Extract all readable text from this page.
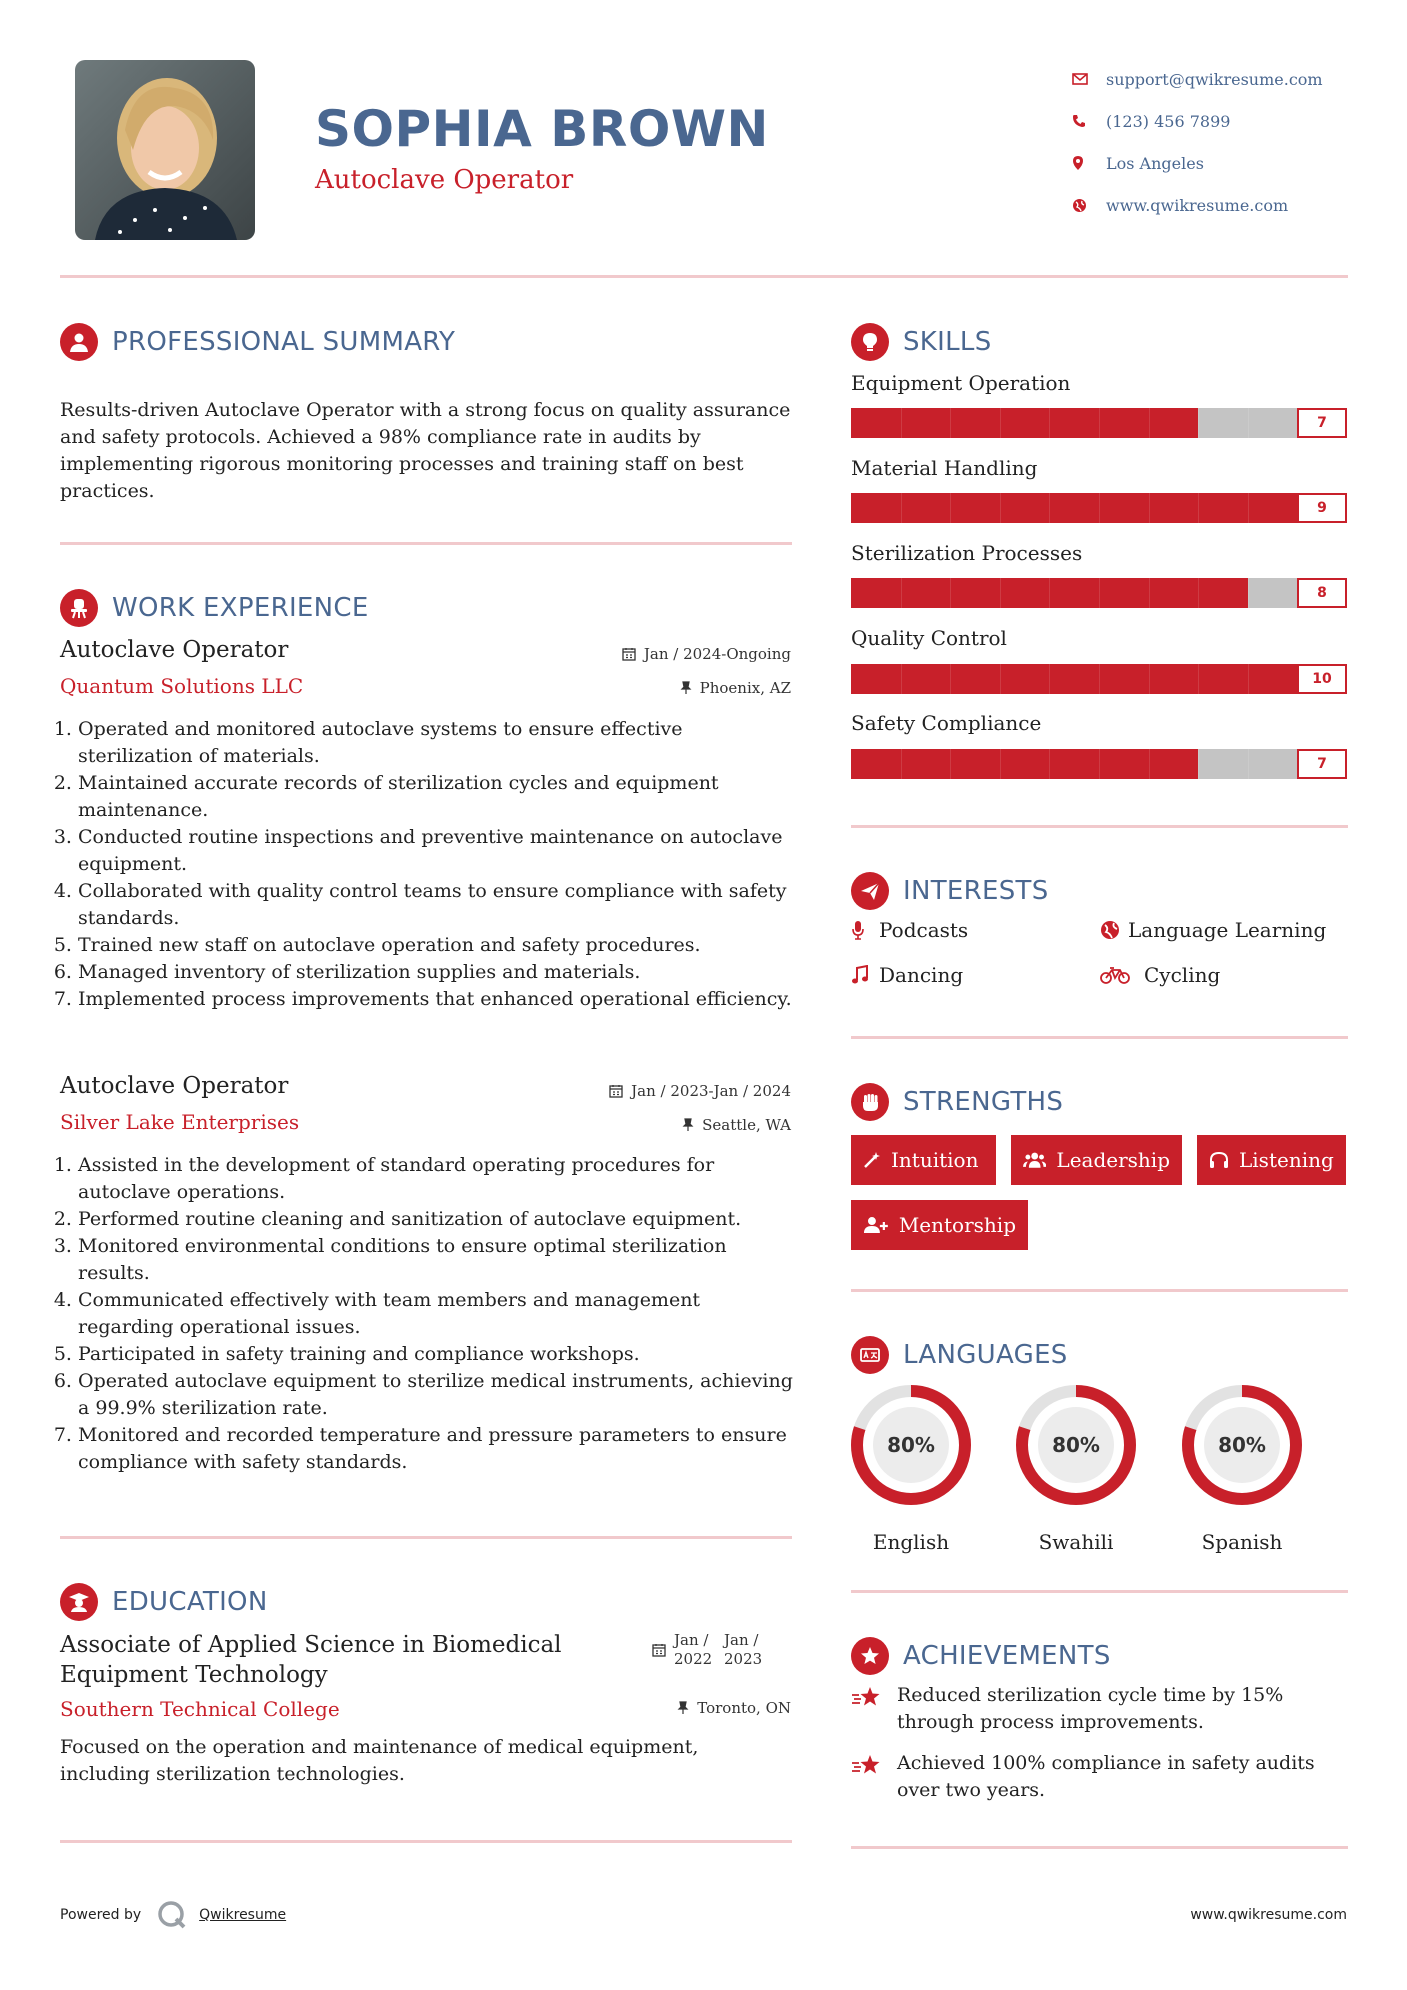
SOPHIA BROWN
Autoclave Operator
support@qwikresume.com
(123) 456 7899
Los Angeles
www.qwikresume.com
PROFESSIONAL SUMMARY
Results-driven Autoclave Operator with a strong focus on quality assurance and safety protocols. Achieved a 98% compliance rate in audits by implementing rigorous monitoring processes and training staff on best practices.
WORK EXPERIENCE
Autoclave Operator
Quantum Solutions LLC
Jan / 2024-Ongoing
Phoenix, AZ
1. Operated and monitored autoclave systems to ensure effective sterilization of materials.
2. Maintained accurate records of sterilization cycles and equipment maintenance.
3. Conducted routine inspections and preventive maintenance on autoclave equipment.
4. Collaborated with quality control teams to ensure compliance with safety standards.
5. Trained new staff on autoclave operation and safety procedures.
6. Managed inventory of sterilization supplies and materials.
7. Implemented process improvements that enhanced operational efficiency.
Autoclave Operator
Silver Lake Enterprises
Jan / 2023-Jan / 2024
Seattle, WA
1. Assisted in the development of standard operating procedures for autoclave operations.
2. Performed routine cleaning and sanitization of autoclave equipment.
3. Monitored environmental conditions to ensure optimal sterilization results.
4. Communicated effectively with team members and management regarding operational issues.
5. Participated in safety training and compliance workshops.
6. Operated autoclave equipment to sterilize medical instruments, achieving a 99.9% sterilization rate.
7. Monitored and recorded temperature and pressure parameters to ensure compliance with safety standards.
EDUCATION
Associate of Applied Science in Biomedical Equipment Technology
Southern Technical College
Jan /
2022
Jan /
2023
Toronto, ON
Focused on the operation and maintenance of medical equipment, including sterilization technologies.
SKILLS
Equipment Operation
7
Material Handling
9
Sterilization Processes
8
Quality Control
10
Safety Compliance
7
INTERESTS
Podcasts	Language Learning
Dancing	Cycling
STRENGTHS
Intuition	Leadership	Listening
Mentorship
LANGUAGES
80%
English
80%
Swahili
80%
Spanish
ACHIEVEMENTS
Reduced sterilization cycle time by 15% through process improvements.
Achieved 100% compliance in safety audits over two years.
Powered by	Qwikresume	www.qwikresume.com
